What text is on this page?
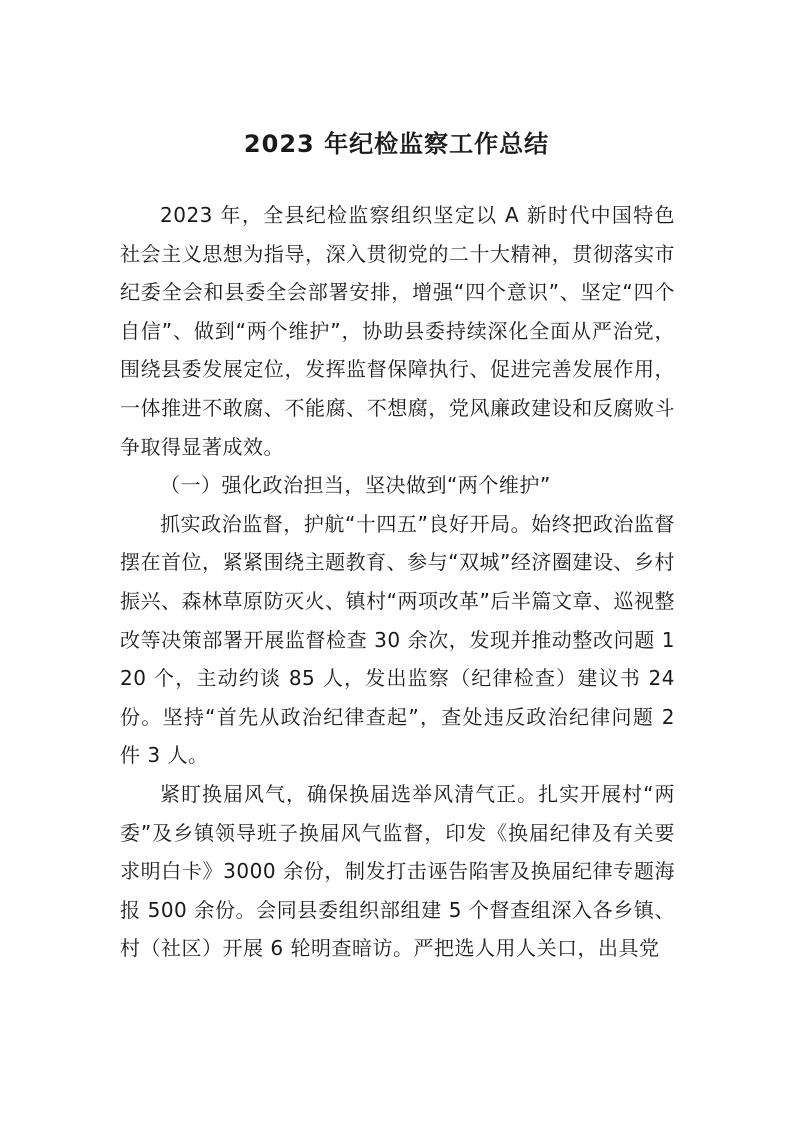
2023 年纪检监察工作总结

2023 年，全县纪检监察组织坚定以 A 新时代中国特色社会主义思想为指导，深入贯彻党的二十大精神，贯彻落实市纪委全会和县委全会部署安排，增强“四个意识”、坚定“四个自信”、做到“两个维护”，协助县委持续深化全面从严治党，围绕县委发展定位，发挥监督保障执行、促进完善发展作用，一体推进不敢腐、不能腐、不想腐，党风廉政建设和反腐败斗争取得显著成效。

（一）强化政治担当，坚决做到“两个维护”

抓实政治监督，护航“十四五”良好开局。始终把政治监督摆在首位，紧紧围绕主题教育、参与“双城”经济圈建设、乡村振兴、森林草原防灭火、镇村“两项改革”后半篇文章、巡视整改等决策部署开展监督检查 30 余次，发现并推动整改问题 120 个，主动约谈 85 人，发出监察（纪律检查）建议书 24 份。坚持“首先从政治纪律查起”，查处违反政治纪律问题 2 件 3 人。

紧盯换届风气，确保换届选举风清气正。扎实开展村“两委”及乡镇领导班子换届风气监督，印发《换届纪律及有关要求明白卡》3000 余份，制发打击诬告陷害及换届纪律专题海报 500 余份。会同县委组织部组建 5 个督查组深入各乡镇、村（社区）开展 6 轮明查暗访。严把选人用人关口，出具党
